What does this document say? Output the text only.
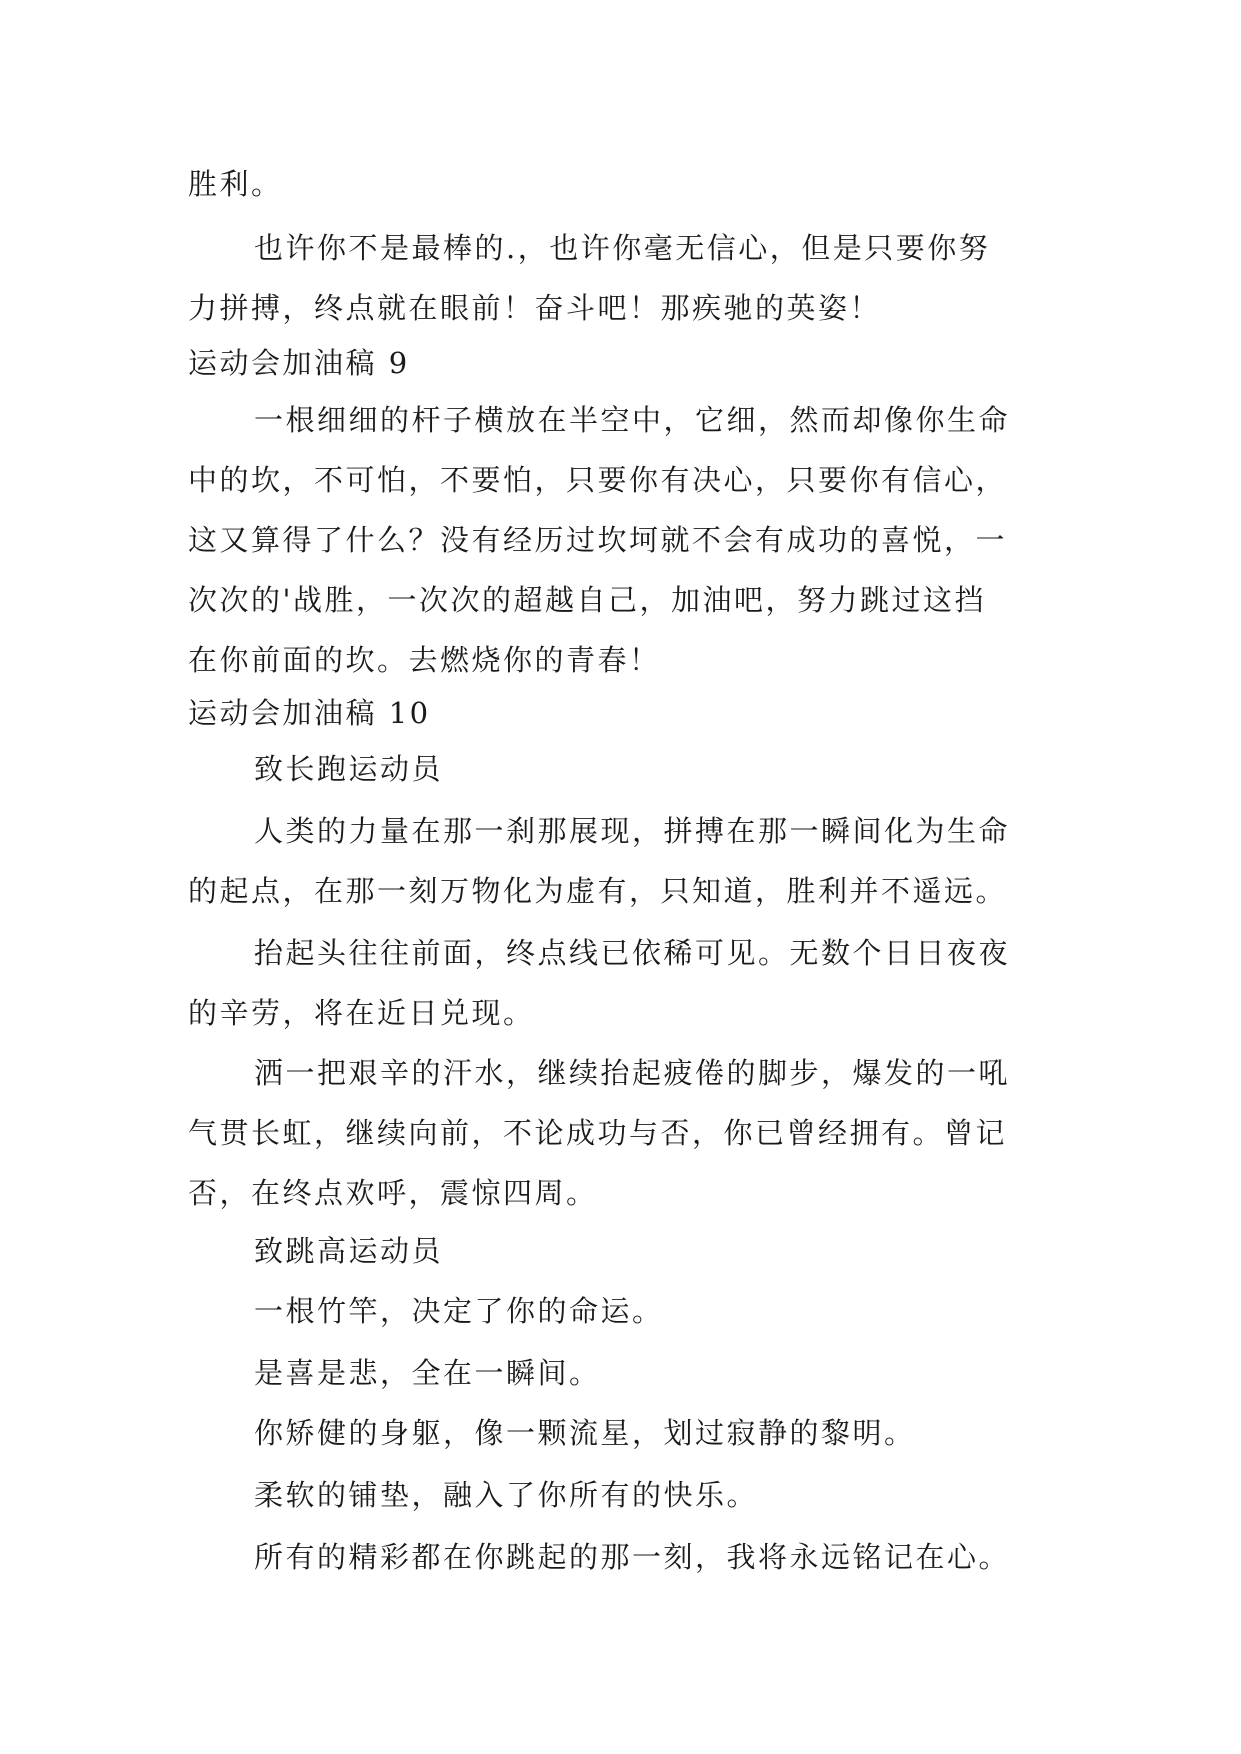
胜利。
也许你不是最棒的.，也许你毫无信心，但是只要你努
力拼搏，终点就在眼前！奋斗吧！那疾驰的英姿！
运动会加油稿 9
一根细细的杆子横放在半空中，它细，然而却像你生命
中的坎，不可怕，不要怕，只要你有决心，只要你有信心，
这又算得了什么？没有经历过坎坷就不会有成功的喜悦，一
次次的'战胜，一次次的超越自己，加油吧，努力跳过这挡
在你前面的坎。去燃烧你的青春！
运动会加油稿 10
致长跑运动员
人类的力量在那一刹那展现，拼搏在那一瞬间化为生命
的起点，在那一刻万物化为虚有，只知道，胜利并不遥远。
抬起头往往前面，终点线已依稀可见。无数个日日夜夜
的辛劳，将在近日兑现。
洒一把艰辛的汗水，继续抬起疲倦的脚步，爆发的一吼
气贯长虹，继续向前，不论成功与否，你已曾经拥有。曾记
否，在终点欢呼，震惊四周。
致跳高运动员
一根竹竿，决定了你的命运。
是喜是悲，全在一瞬间。
你矫健的身躯，像一颗流星，划过寂静的黎明。
柔软的铺垫，融入了你所有的快乐。
所有的精彩都在你跳起的那一刻，我将永远铭记在心。
